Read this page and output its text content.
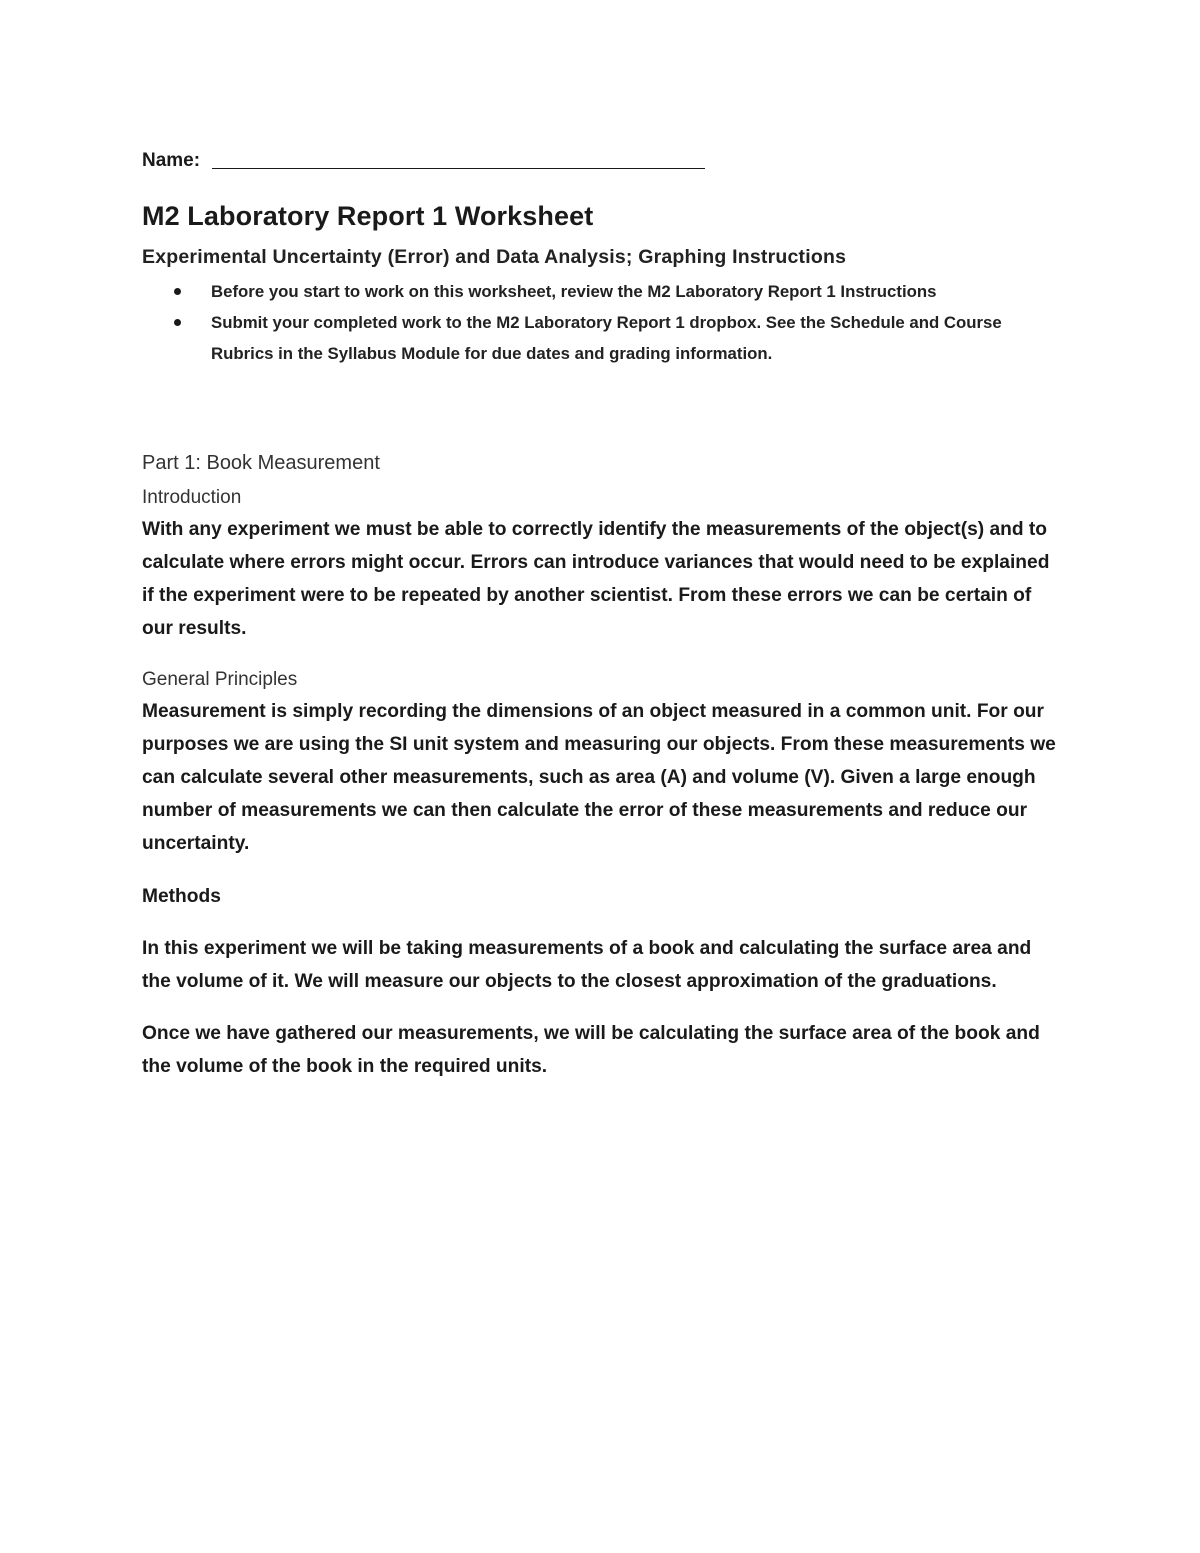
Name:
M2 Laboratory Report 1 Worksheet
Experimental Uncertainty (Error) and Data Analysis; Graphing Instructions
Before you start to work on this worksheet, review the M2 Laboratory Report 1 Instructions
Submit your completed work to the M2 Laboratory Report 1 dropbox. See the Schedule and Course Rubrics in the Syllabus Module for due dates and grading information.
Part 1: Book Measurement
Introduction

With any experiment we must be able to correctly identify the measurements of the object(s) and to calculate where errors might occur. Errors can introduce variances that would need to be explained if the experiment were to be repeated by another scientist. From these errors we can be certain of our results.

General Principles

Measurement is simply recording the dimensions of an object measured in a common unit. For our purposes we are using the SI unit system and measuring our objects. From these measurements we can calculate several other measurements, such as area (A) and volume (V). Given a large enough number of measurements we can then calculate the error of these measurements and reduce our uncertainty.

Methods

In this experiment we will be taking measurements of a book and calculating the surface area and the volume of it. We will measure our objects to the closest approximation of the graduations.

Once we have gathered our measurements, we will be calculating the surface area of the book and the volume of the book in the required units.
